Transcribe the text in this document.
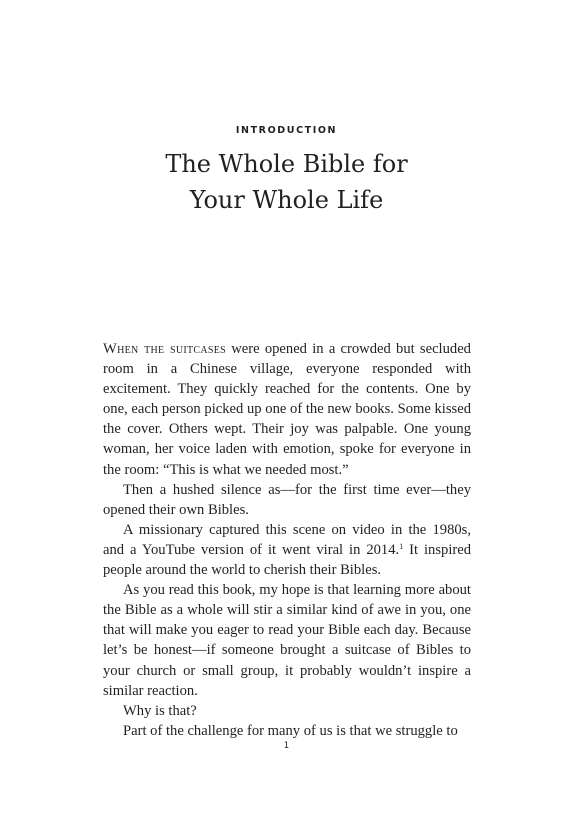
INTRODUCTION
The Whole Bible for
Your Whole Life

When the suitcases were opened in a crowded but secluded room in a Chinese village, everyone responded with excitement. They quickly reached for the contents. One by one, each person picked up one of the new books. Some kissed the cover. Others wept. Their joy was palpable. One young woman, her voice laden with emotion, spoke for everyone in the room: “This is what we needed most.”

Then a hushed silence as—for the first time ever—they opened their own Bibles.

A missionary captured this scene on video in the 1980s, and a YouTube version of it went viral in 2014.$^1$ It inspired people around the world to cherish their Bibles.

As you read this book, my hope is that learning more about the Bible as a whole will stir a similar kind of awe in you, one that will make you eager to read your Bible each day. Because let’s be honest—if someone brought a suitcase of Bibles to your church or small group, it probably wouldn’t inspire a similar reaction.

Why is that?

Part of the challenge for many of us is that we struggle to

1
